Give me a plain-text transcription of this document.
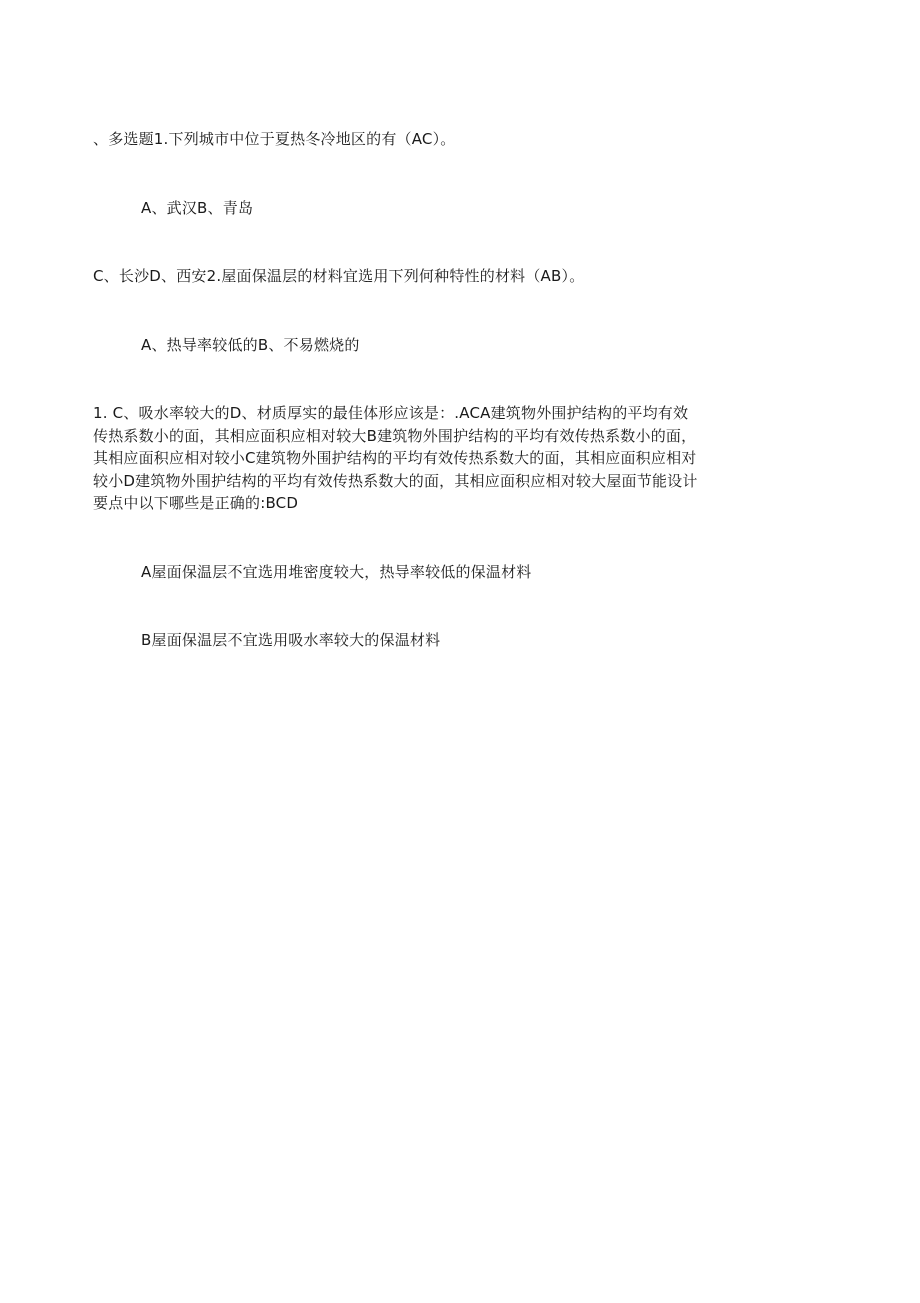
、多选题1.下列城市中位于夏热冬冷地区的有（AC）。
A、武汉B、青岛
C、长沙D、西安2.屋面保温层的材料宜选用下列何种特性的材料（AB）。
A、热导率较低的B、不易燃烧的
1. C、吸水率较大的D、材质厚实的最佳体形应该是：.ACA建筑物外围护结构的平均有效
传热系数小的面，其相应面积应相对较大B建筑物外围护结构的平均有效传热系数小的面，
其相应面积应相对较小C建筑物外围护结构的平均有效传热系数大的面，其相应面积应相对
较小D建筑物外围护结构的平均有效传热系数大的面，其相应面积应相对较大屋面节能设计
要点中以下哪些是正确的:BCD
A屋面保温层不宜选用堆密度较大，热导率较低的保温材料
B屋面保温层不宜选用吸水率较大的保温材料
